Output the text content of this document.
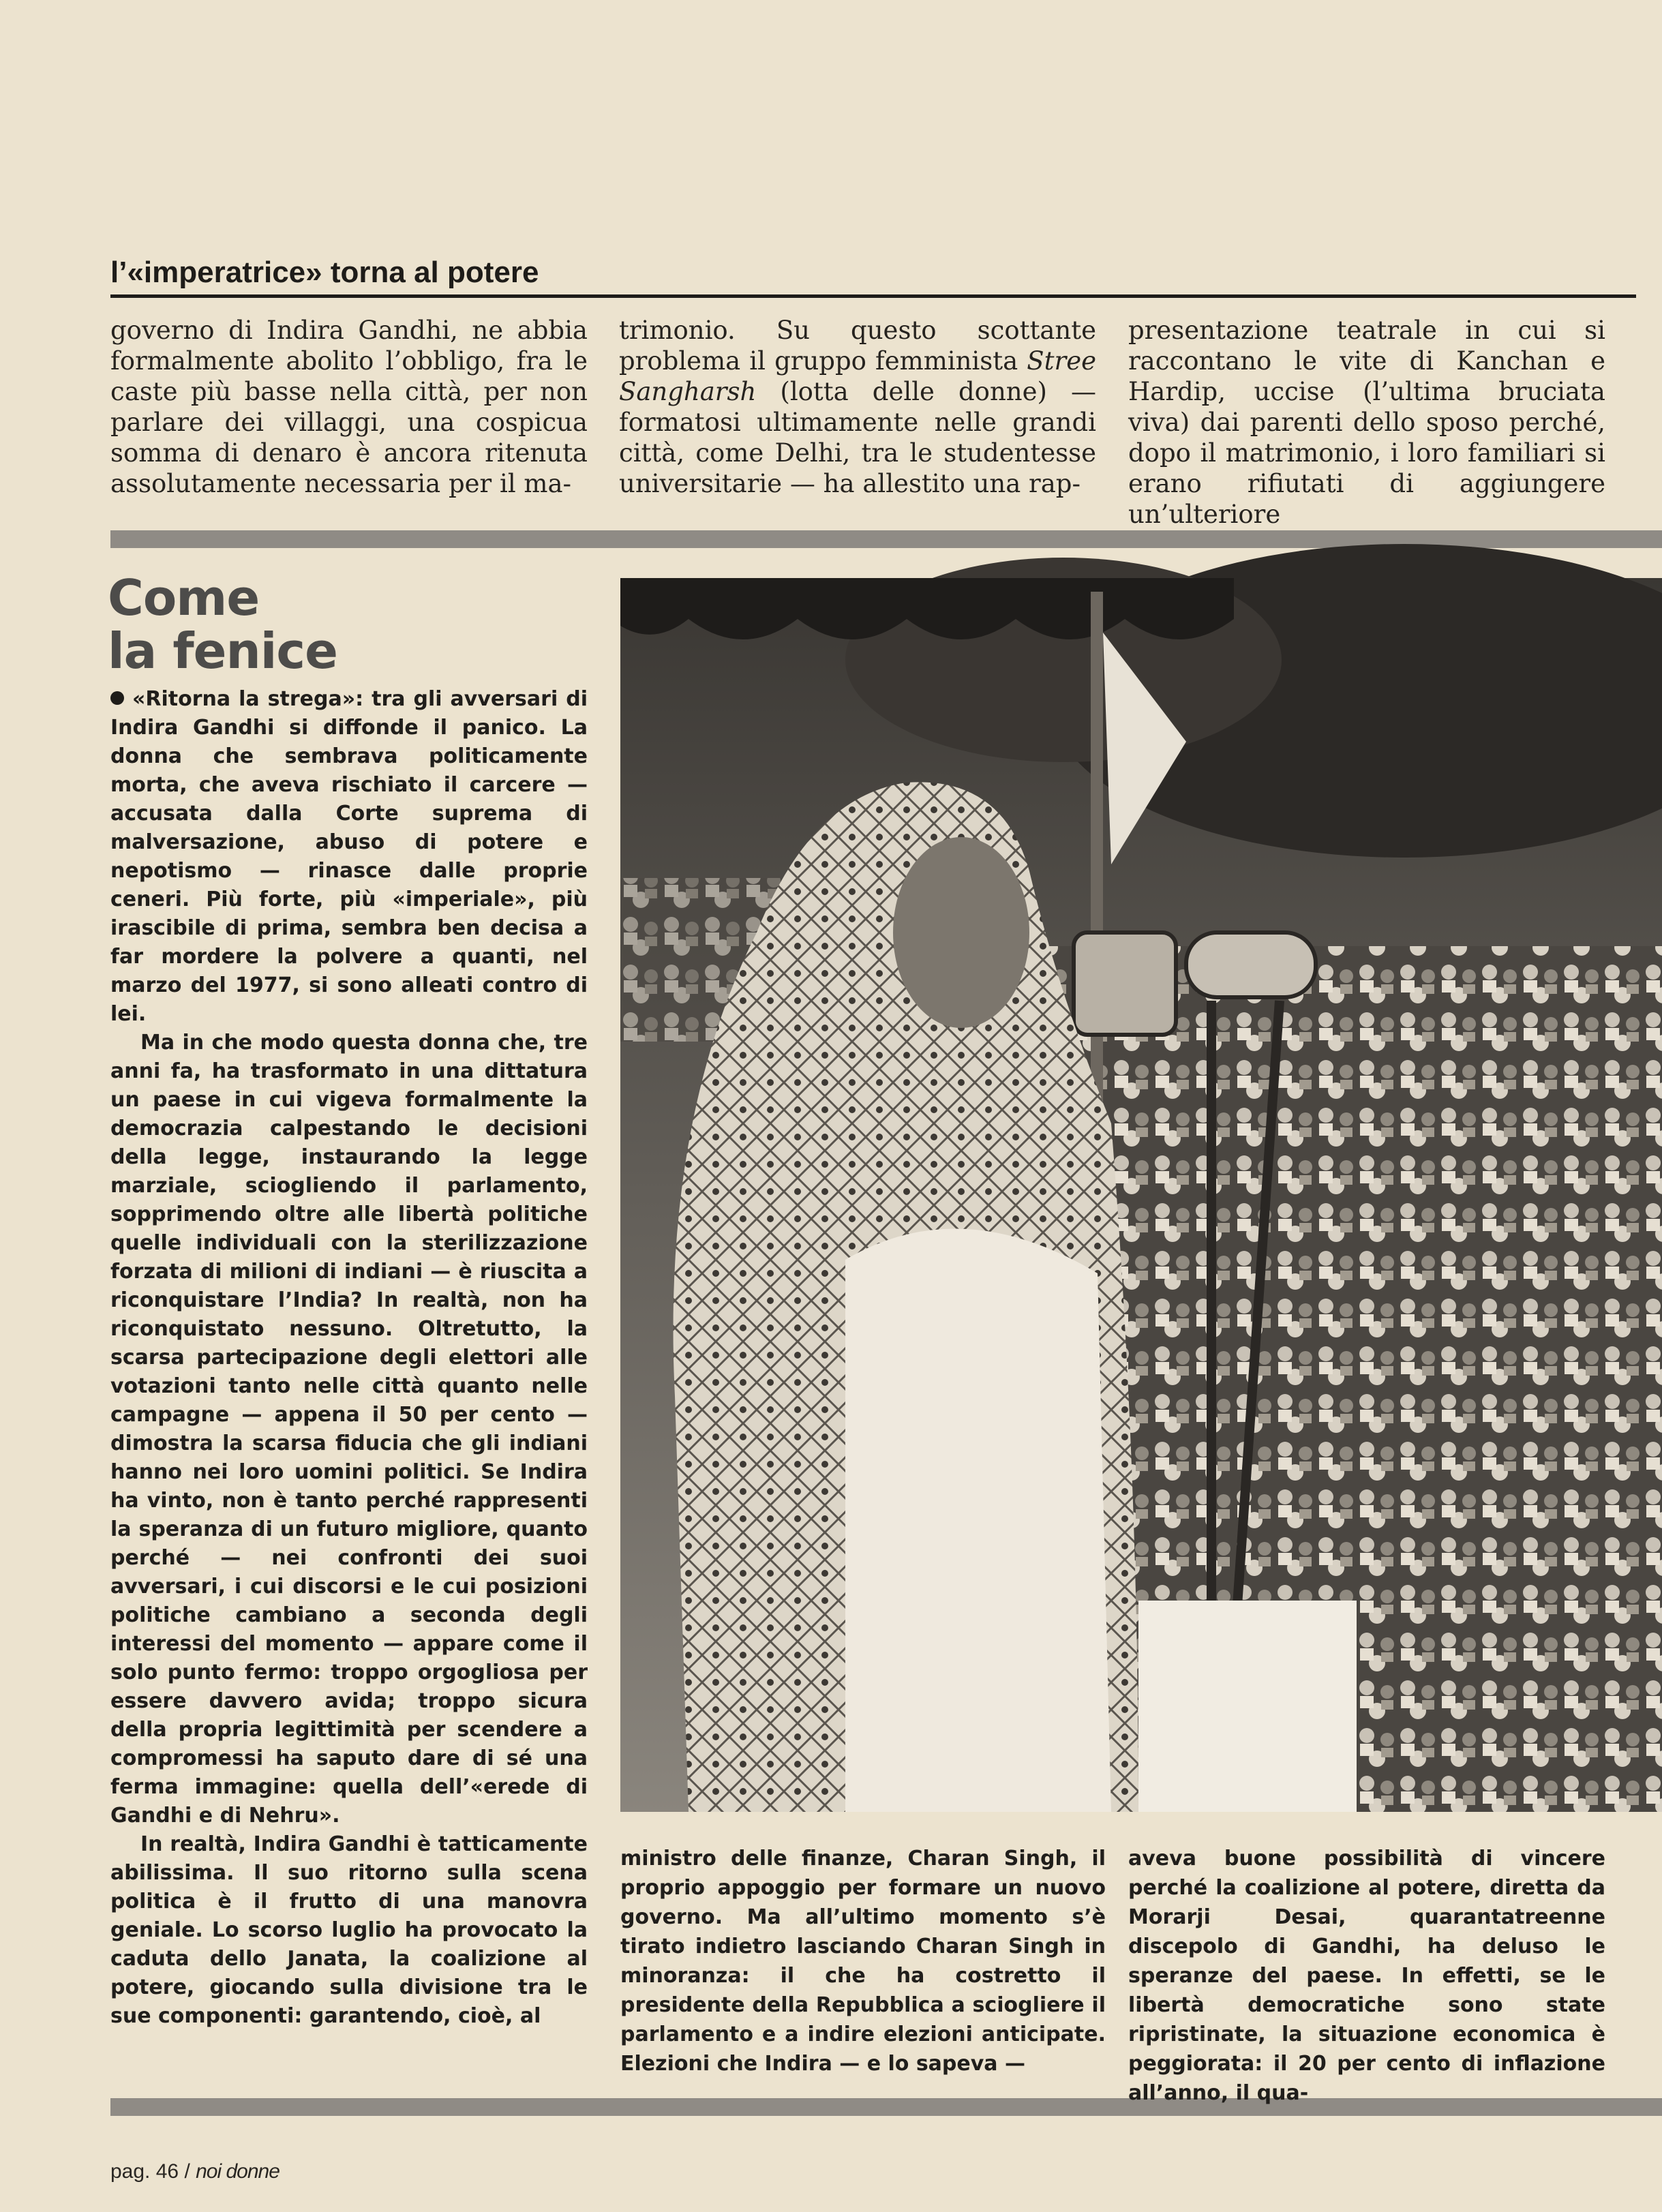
l’«imperatrice» torna al potere

governo di Indira Gandhi, ne abbia formalmente abolito l’obbligo, fra le caste più basse nella città, per non parlare dei villaggi, una cospicua somma di denaro è ancora ritenuta assolutamente necessaria per il ma-

trimonio. Su questo scottante problema il gruppo femminista Stree Sangharsh (lotta delle donne) — formatosi ultimamente nelle grandi città, come Delhi, tra le studentesse universitarie — ha allestito una rap-

presentazione teatrale in cui si raccontano le vite di Kanchan e Hardip, uccise (l’ultima bruciata viva) dai parenti dello sposo perché, dopo il matrimonio, i loro familiari si erano rifiutati di aggiungere un’ulteriore

Come
la fenice

«Ritorna la strega»: tra gli avversari di Indira Gandhi si diffonde il panico. La donna che sembrava politicamente morta, che aveva rischiato il carcere — accusata dalla Corte suprema di malversazione, abuso di potere e nepotismo — rinasce dalle proprie ceneri. Più forte, più «imperiale», più irascibile di prima, sembra ben decisa a far mordere la polvere a quanti, nel marzo del 1977, si sono alleati contro di lei.

Ma in che modo questa donna che, tre anni fa, ha trasformato in una dittatura un paese in cui vigeva formalmente la democrazia calpestando le decisioni della legge, instaurando la legge marziale, sciogliendo il parlamento, sopprimendo oltre alle libertà politiche quelle individuali con la sterilizzazione forzata di milioni di indiani — è riuscita a riconquistare l’India? In realtà, non ha riconquistato nessuno. Oltretutto, la scarsa partecipazione degli elettori alle votazioni tanto nelle città quanto nelle campagne — appena il 50 per cento — dimostra la scarsa fiducia che gli indiani hanno nei loro uomini politici. Se Indira ha vinto, non è tanto perché rappresenti la speranza di un futuro migliore, quanto perché — nei confronti dei suoi avversari, i cui discorsi e le cui posizioni politiche cambiano a seconda degli interessi del momento — appare come il solo punto fermo: troppo orgogliosa per essere davvero avida; troppo sicura della propria legittimità per scendere a compromessi ha saputo dare di sé una ferma immagine: quella dell’«erede di Gandhi e di Nehru».

In realtà, Indira Gandhi è tatticamente abilissima. Il suo ritorno sulla scena politica è il frutto di una manovra geniale. Lo scorso luglio ha provocato la caduta dello Janata, la coalizione al potere, giocando sulla divisione tra le sue componenti: garantendo, cioè, al

ministro delle finanze, Charan Singh, il proprio appoggio per formare un nuovo governo. Ma all’ultimo momento s’è tirato indietro lasciando Charan Singh in minoranza: il che ha costretto il presidente della Repubblica a sciogliere il parlamento e a indire elezioni anticipate. Elezioni che Indira — e lo sapeva —

aveva buone possibilità di vincere perché la coalizione al potere, diretta da Morarji Desai, quarantatreenne discepolo di Gandhi, ha deluso le speranze del paese. In effetti, se le libertà democratiche sono state ripristinate, la situazione economica è peggiorata: il 20 per cento di inflazione all’anno, il qua-

pag. 46 / noi donne
